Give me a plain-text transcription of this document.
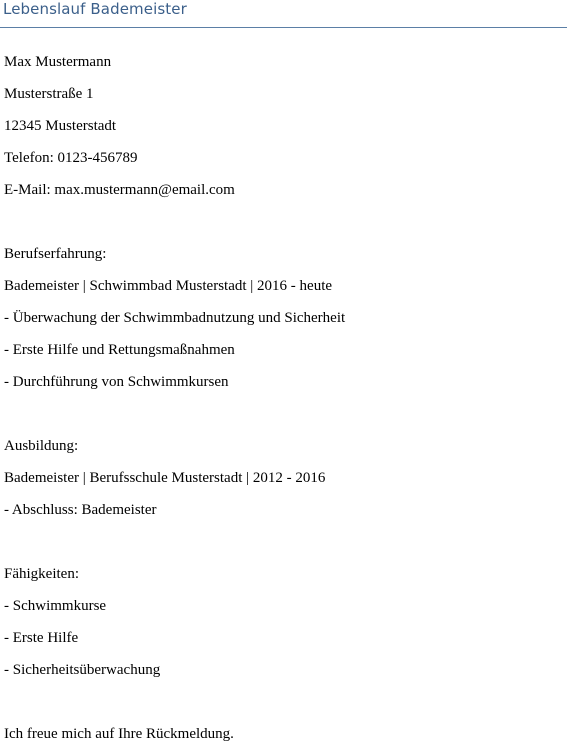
Lebenslauf Bademeister
Max Mustermann
Musterstraße 1
12345 Musterstadt
Telefon: 0123-456789
E-Mail: max.mustermann@email.com
Berufserfahrung:
Bademeister | Schwimmbad Musterstadt | 2016 - heute
- Überwachung der Schwimmbadnutzung und Sicherheit
- Erste Hilfe und Rettungsmaßnahmen
- Durchführung von Schwimmkursen
Ausbildung:
Bademeister | Berufsschule Musterstadt | 2012 - 2016
- Abschluss: Bademeister
Fähigkeiten:
- Schwimmkurse
- Erste Hilfe
- Sicherheitsüberwachung
Ich freue mich auf Ihre Rückmeldung.
